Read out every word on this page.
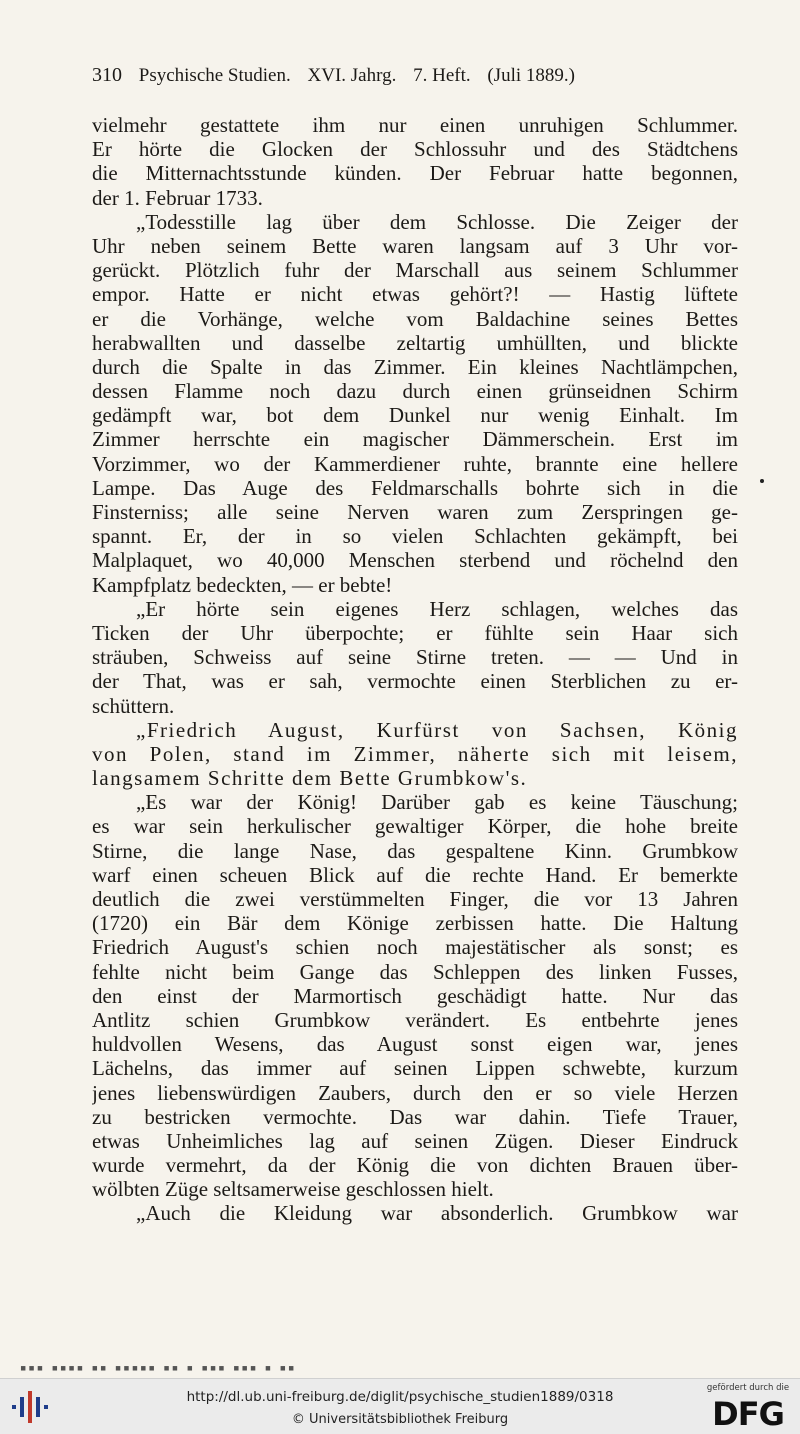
310 Psychische Studien. XVI. Jahrg. 7. Heft. (Juli 1889.)
vielmehr gestattete ihm nur einen unruhigen Schlummer.
Er hörte die Glocken der Schlossuhr und des Städtchens
die Mitternachtsstunde künden. Der Februar hatte begonnen,
der 1. Februar 1733.
„Todesstille lag über dem Schlosse. Die Zeiger der
Uhr neben seinem Bette waren langsam auf 3 Uhr vor-
gerückt. Plötzlich fuhr der Marschall aus seinem Schlummer
empor. Hatte er nicht etwas gehört?! — Hastig lüftete
er die Vorhänge, welche vom Baldachine seines Bettes
herabwallten und dasselbe zeltartig umhüllten, und blickte
durch die Spalte in das Zimmer. Ein kleines Nachtlämpchen,
dessen Flamme noch dazu durch einen grünseidnen Schirm
gedämpft war, bot dem Dunkel nur wenig Einhalt. Im
Zimmer herrschte ein magischer Dämmerschein. Erst im
Vorzimmer, wo der Kammerdiener ruhte, brannte eine hellere
Lampe. Das Auge des Feldmarschalls bohrte sich in die
Finsterniss; alle seine Nerven waren zum Zerspringen ge-
spannt. Er, der in so vielen Schlachten gekämpft, bei
Malplaquet, wo 40,000 Menschen sterbend und röchelnd den
Kampfplatz bedeckten, — er bebte!
„Er hörte sein eigenes Herz schlagen, welches das
Ticken der Uhr überpochte; er fühlte sein Haar sich
sträuben, Schweiss auf seine Stirne treten. — — Und in
der That, was er sah, vermochte einen Sterblichen zu er-
schüttern.
„Friedrich August, Kurfürst von Sachsen, König
von Polen, stand im Zimmer, näherte sich mit leisem,
langsamem Schritte dem Bette Grumbkow's.
„Es war der König! Darüber gab es keine Täuschung;
es war sein herkulischer gewaltiger Körper, die hohe breite
Stirne, die lange Nase, das gespaltene Kinn. Grumbkow
warf einen scheuen Blick auf die rechte Hand. Er bemerkte
deutlich die zwei verstümmelten Finger, die vor 13 Jahren
(1720) ein Bär dem Könige zerbissen hatte. Die Haltung
Friedrich August's schien noch majestätischer als sonst; es
fehlte nicht beim Gange das Schleppen des linken Fusses,
den einst der Marmortisch geschädigt hatte. Nur das
Antlitz schien Grumbkow verändert. Es entbehrte jenes
huldvollen Wesens, das August sonst eigen war, jenes
Lächelns, das immer auf seinen Lippen schwebte, kurzum
jenes liebenswürdigen Zaubers, durch den er so viele Herzen
zu bestricken vermochte. Das war dahin. Tiefe Trauer,
etwas Unheimliches lag auf seinen Zügen. Dieser Eindruck
wurde vermehrt, da der König die von dichten Brauen über-
wölbten Züge seltsamerweise geschlossen hielt.
„Auch die Kleidung war absonderlich. Grumbkow war
▪▪▪ ▪▪▪▪ ▪▪ ▪▪▪▪▪ ▪▪ ▪ ▪▪▪ ▪▪▪ ▪ ▪▪
http://dl.ub.uni-freiburg.de/diglit/psychische_studien1889/0318
© Universitätsbibliothek Freiburg
gefördert durch die
DFG
